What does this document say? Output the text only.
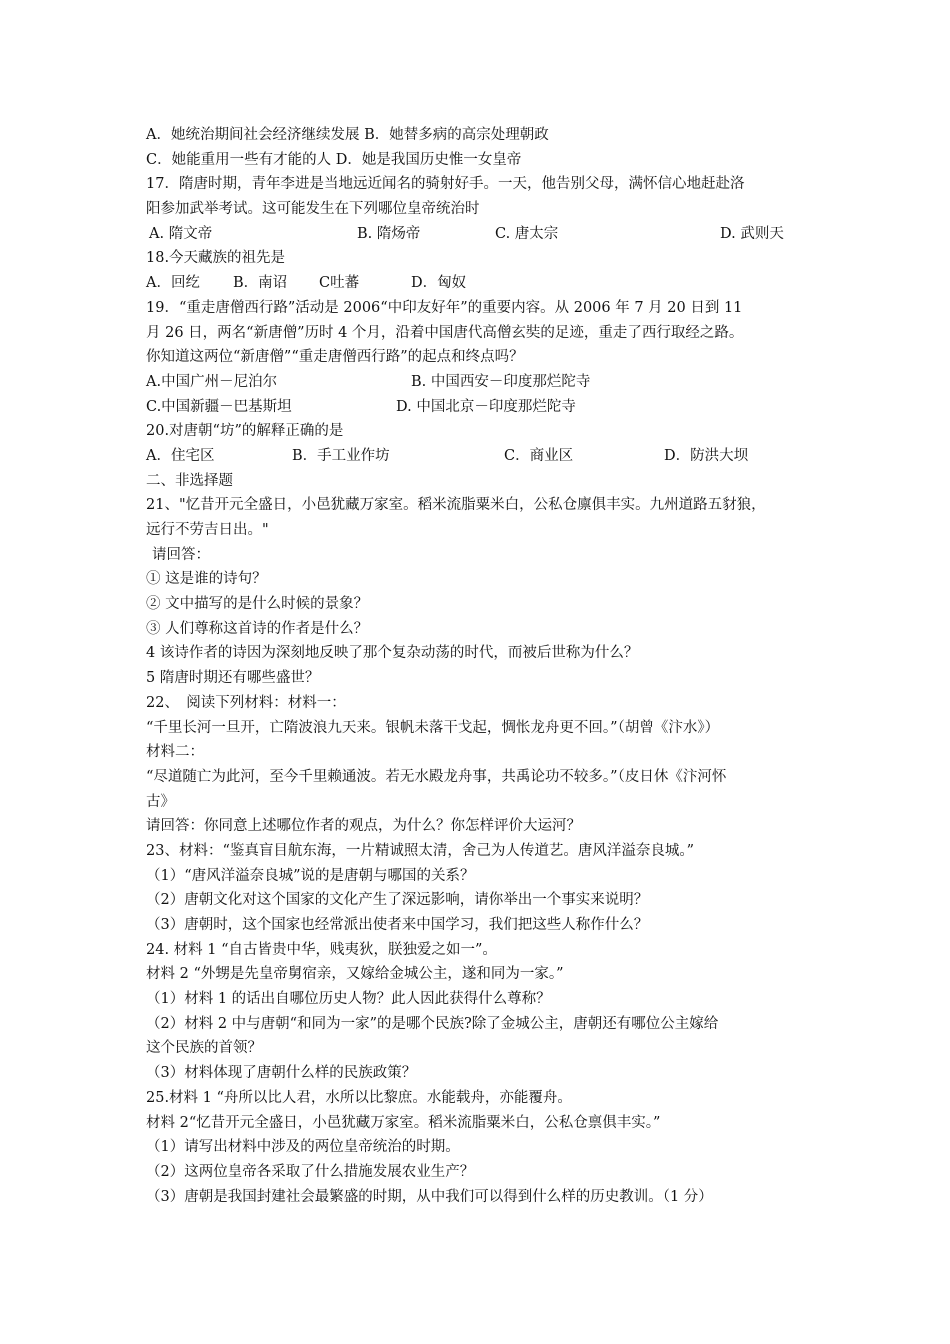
A．她统治期间社会经济继续发展 B．她替多病的高宗处理朝政
C．她能重用一些有才能的人 D．她是我国历史惟一女皇帝
17．隋唐时期，青年李进是当地远近闻名的骑射好手。一天，他告别父母，满怀信心地赶赴洛
阳参加武举考试。这可能发生在下列哪位皇帝统治时
A. 隋文帝	B. 隋炀帝	C. 唐太宗	D. 武则天
18.今天藏族的祖先是
A．回纥	B．南诏	C吐蕃	D．匈奴
19．“重走唐僧西行路”活动是 2006“中印友好年”的重要内容。从 2006 年 7 月 20 日到 11
月 26 日，两名“新唐僧”历时 4 个月，沿着中国唐代高僧玄奘的足迹，重走了西行取经之路。
你知道这两位“新唐僧”“重走唐僧西行路”的起点和终点吗？
A.中国广州－尼泊尔	B. 中国西安－印度那烂陀寺
C.中国新疆－巴基斯坦	D. 中国北京－印度那烂陀寺
20.对唐朝“坊”的解释正确的是
A．住宅区	B．手工业作坊	C．商业区	D．防洪大坝
二、非选择题
21、"忆昔开元全盛日，小邑犹藏万家室。稻米流脂粟米白，公私仓廪俱丰实。九州道路五豺狼，
远行不劳吉日出。"
请回答：
① 这是谁的诗句？
② 文中描写的是什么时候的景象？
③ 人们尊称这首诗的作者是什么？
4 该诗作者的诗因为深刻地反映了那个复杂动荡的时代，而被后世称为什么？
5 隋唐时期还有哪些盛世？
22、　阅读下列材料：材料一：
“千里长河一旦开，亡隋波浪九天来。银帆未落干戈起，惆怅龙舟更不回。”（胡曾《汴水》）
材料二：
“尽道随亡为此河，至今千里赖通波。若无水殿龙舟事，共禹论功不较多。”（皮日休《汴河怀
古》
请回答：你同意上述哪位作者的观点，为什么？你怎样评价大运河？
23、材料：“鉴真盲目航东海，一片精诚照太清，舍己为人传道艺。唐风洋溢奈良城。”
（1）“唐风洋溢奈良城”说的是唐朝与哪国的关系？
（2）唐朝文化对这个国家的文化产生了深远影响，请你举出一个事实来说明？
（3）唐朝时，这个国家也经常派出使者来中国学习，我们把这些人称作什么？
24. 材料 1 “自古皆贵中华，贱夷狄，朕独爱之如一”。
材料 2 “外甥是先皇帝舅宿亲，又嫁给金城公主，遂和同为一家。”
（1）材料 1 的话出自哪位历史人物？此人因此获得什么尊称？
（2）材料 2 中与唐朝“和同为一家”的是哪个民族?除了金城公主，唐朝还有哪位公主嫁给
这个民族的首领？
（3）材料体现了唐朝什么样的民族政策？
25.材料 1 “舟所以比人君，水所以比黎庶。水能载舟，亦能覆舟。
材料 2“忆昔开元全盛日，小邑犹藏万家室。稻米流脂粟米白，公私仓禀俱丰实。”
（1）请写出材料中涉及的两位皇帝统治的时期。
（2）这两位皇帝各采取了什么措施发展农业生产？
（3）唐朝是我国封建社会最繁盛的时期，从中我们可以得到什么样的历史教训。（1 分）
